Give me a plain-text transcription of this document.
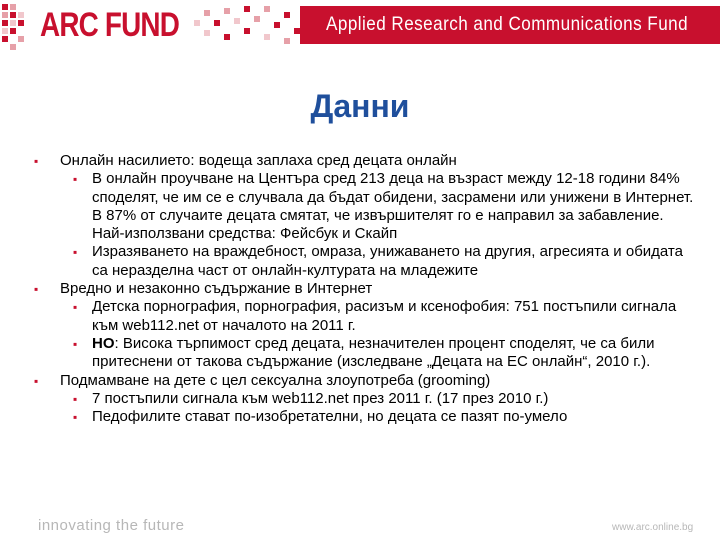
ARC FUND	Applied Research and Communications Fund
Данни

▪ Онлайн насилието: водеща заплаха сред децата онлайн

▪ В онлайн проучване на Центъра сред 213 деца на възраст между 12-18 години 84% споделят, че им се е случвала да бъдат обидени, засрамени или унижени в Интернет. В 87% от случаите децата смятат, че извършителят го е направил за забавление. Най-използвани средства: Фейсбук и Скайп

▪ Изразяването на враждебност, омраза, унижаването на другия, агресията и обидата са неразделна част от онлайн-културата на младежите

▪ Вредно и незаконно съдържание в Интернет

▪ Детска порнография, порнография, расизъм и ксенофобия: 751 постъпили сигнала към web112.net от началото на 2011 г.

▪ НО: Висока търпимост сред децата, незначителен процент споделят, че са били притеснени от такова съдържание (изследване „Децата на ЕС онлайн“, 2010 г.).

▪ Подмамване на дете с цел сексуална злоупотреба (grooming)

▪ 7 постъпили сигнала към web112.net през 2011 г. (17 през 2010 г.)

▪ Педофилите стават по-изобретателни, но децата се пазят по-умело

innovating the future	www.arc.online.bg
